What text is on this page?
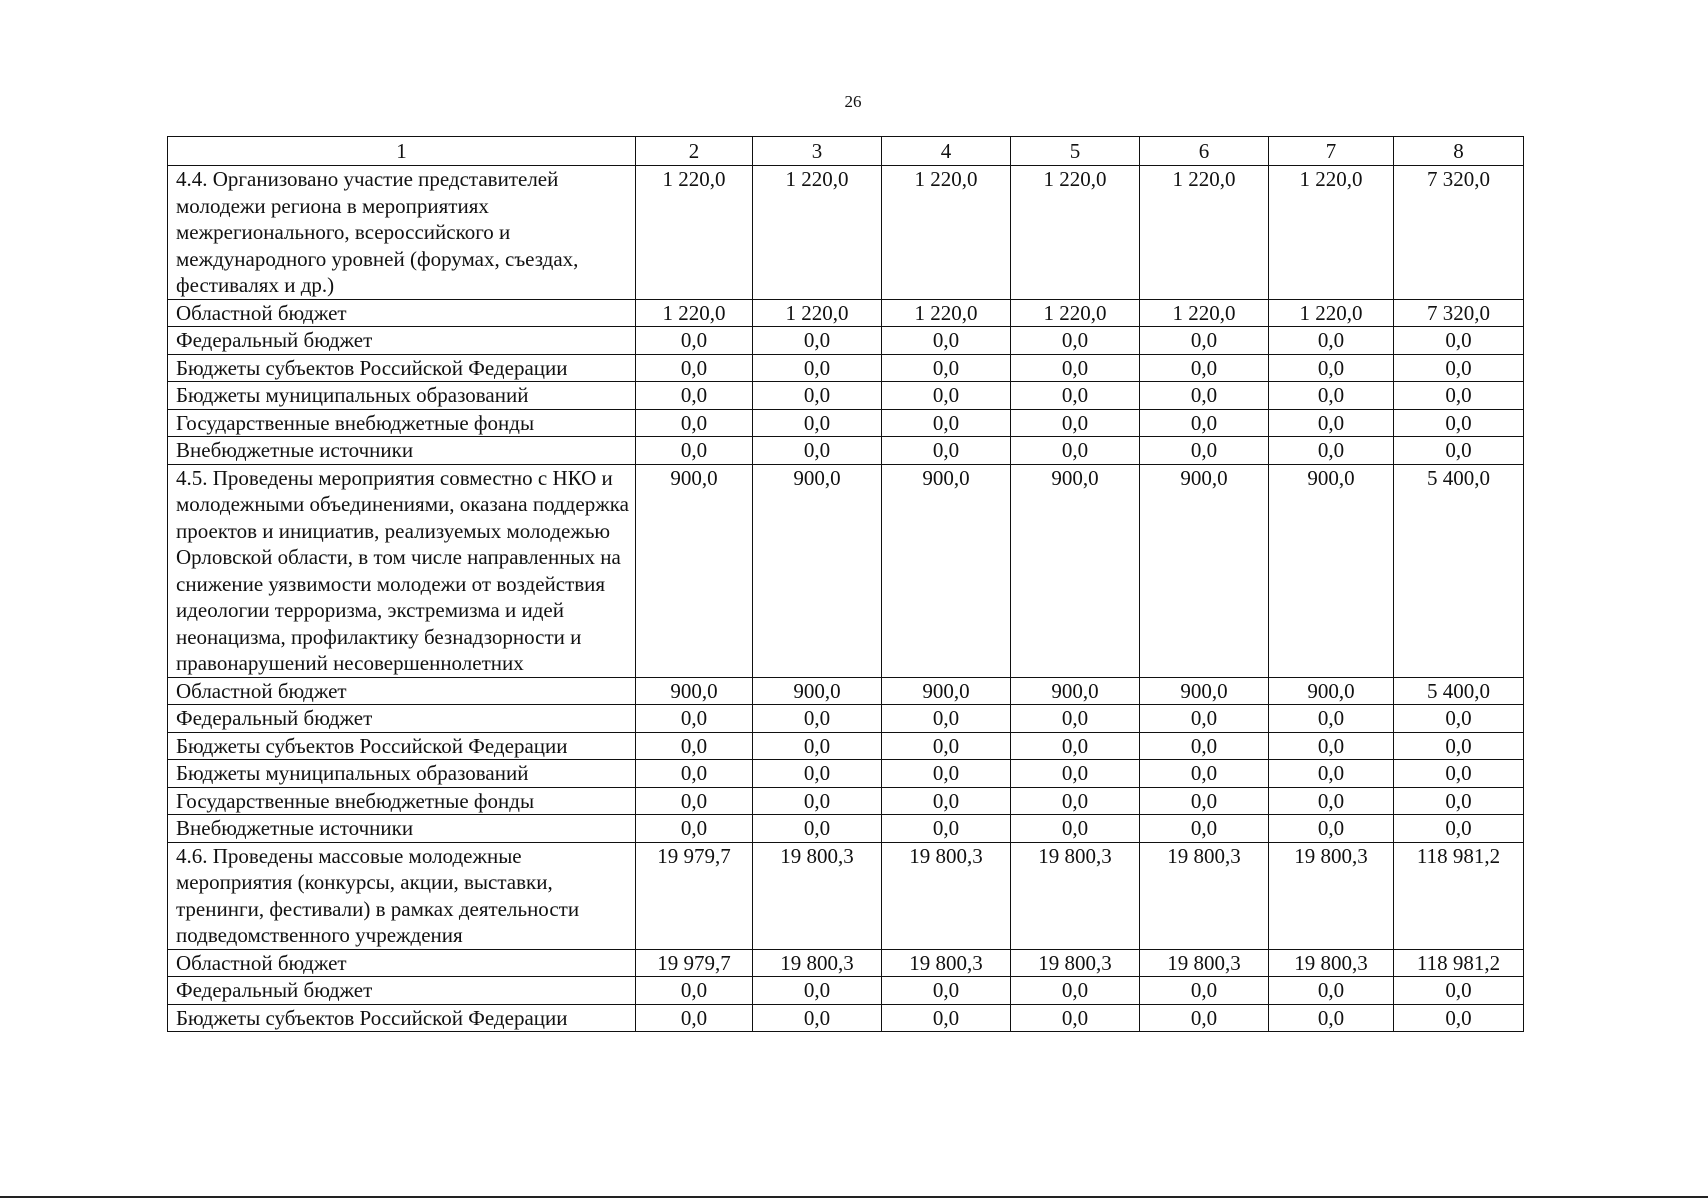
26
1	2	3	4	5	6	7	8
4.4. Организовано участие представителей молодежи региона в мероприятиях межрегионального, всероссийского и международного уровней (форумах, съездах, фестивалях и др.)	1 220,0	1 220,0	1 220,0	1 220,0	1 220,0	1 220,0	7 320,0
Областной бюджет	1 220,0	1 220,0	1 220,0	1 220,0	1 220,0	1 220,0	7 320,0
Федеральный бюджет	0,0	0,0	0,0	0,0	0,0	0,0	0,0
Бюджеты субъектов Российской Федерации	0,0	0,0	0,0	0,0	0,0	0,0	0,0
Бюджеты муниципальных образований	0,0	0,0	0,0	0,0	0,0	0,0	0,0
Государственные внебюджетные фонды	0,0	0,0	0,0	0,0	0,0	0,0	0,0
Внебюджетные источники	0,0	0,0	0,0	0,0	0,0	0,0	0,0
4.5. Проведены мероприятия совместно с НКО и молодежными объединениями, оказана поддержка проектов и инициатив, реализуемых молодежью Орловской области, в том числе направленных на снижение уязвимости молодежи от воздействия идеологии терроризма, экстремизма и идей неонацизма, профилактику безнадзорности и правонарушений несовершеннолетних	900,0	900,0	900,0	900,0	900,0	900,0	5 400,0
Областной бюджет	900,0	900,0	900,0	900,0	900,0	900,0	5 400,0
Федеральный бюджет	0,0	0,0	0,0	0,0	0,0	0,0	0,0
Бюджеты субъектов Российской Федерации	0,0	0,0	0,0	0,0	0,0	0,0	0,0
Бюджеты муниципальных образований	0,0	0,0	0,0	0,0	0,0	0,0	0,0
Государственные внебюджетные фонды	0,0	0,0	0,0	0,0	0,0	0,0	0,0
Внебюджетные источники	0,0	0,0	0,0	0,0	0,0	0,0	0,0
4.6. Проведены массовые молодежные мероприятия (конкурсы, акции, выставки, тренинги, фестивали) в рамках деятельности подведомственного учреждения	19 979,7	19 800,3	19 800,3	19 800,3	19 800,3	19 800,3	118 981,2
Областной бюджет	19 979,7	19 800,3	19 800,3	19 800,3	19 800,3	19 800,3	118 981,2
Федеральный бюджет	0,0	0,0	0,0	0,0	0,0	0,0	0,0
Бюджеты субъектов Российской Федерации	0,0	0,0	0,0	0,0	0,0	0,0	0,0
